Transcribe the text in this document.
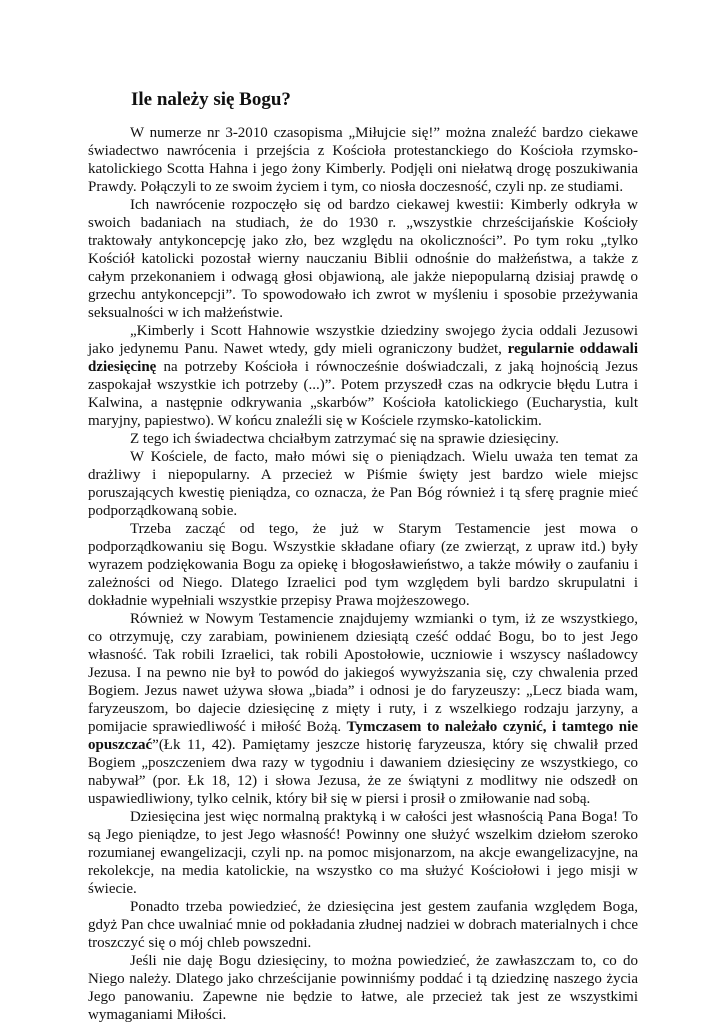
Ile należy się Bogu?

W numerze nr 3-2010 czasopisma „Miłujcie się!” można znaleźć bardzo ciekawe świadectwo nawrócenia i przejścia z Kościoła protestanckiego do Kościoła rzymsko-katolickiego Scotta Hahna i jego żony Kimberly. Podjęli oni niełatwą drogę poszukiwania Prawdy. Połączyli to ze swoim życiem i tym, co niosła doczesność, czyli np. ze studiami.

Ich nawrócenie rozpoczęło się od bardzo ciekawej kwestii: Kimberly odkryła w swoich badaniach na studiach, że do 1930 r. „wszystkie chrześcijańskie Kościoły traktowały antykoncepcję jako zło, bez względu na okoliczności”. Po tym roku „tylko Kościół katolicki pozostał wierny nauczaniu Biblii odnośnie do małżeństwa, a także z całym przekonaniem i odwagą głosi objawioną, ale jakże niepopularną dzisiaj prawdę o grzechu antykoncepcji”. To spowodowało ich zwrot w myśleniu i sposobie przeżywania seksualności w ich małżeństwie.

„Kimberly i Scott Hahnowie wszystkie dziedziny swojego życia oddali Jezusowi jako jedynemu Panu. Nawet wtedy, gdy mieli ograniczony budżet, regularnie oddawali dziesięcinę na potrzeby Kościoła i równocześnie doświadczali, z jaką hojnością Jezus zaspokajał wszystkie ich potrzeby (...)”. Potem przyszedł czas na odkrycie błędu Lutra i Kalwina, a następnie odkrywania „skarbów” Kościoła katolickiego (Eucharystia, kult maryjny, papiestwo). W końcu znaleźli się w Kościele rzymsko-katolickim.

Z tego ich świadectwa chciałbym zatrzymać się na sprawie dziesięciny.

W Kościele, de facto, mało mówi się o pieniądzach. Wielu uważa ten temat za drażliwy i niepopularny. A przecież w Piśmie święty jest bardzo wiele miejsc poruszających kwestię pieniądza, co oznacza, że Pan Bóg również i tą sferę pragnie mieć podporządkowaną sobie.

Trzeba zacząć od tego, że już w Starym Testamencie jest mowa o podporządkowaniu się Bogu. Wszystkie składane ofiary (ze zwierząt, z upraw itd.) były wyrazem podziękowania Bogu za opiekę i błogosławieństwo, a także mówiły o zaufaniu i zależności od Niego. Dlatego Izraelici pod tym względem byli bardzo skrupulatni i dokładnie wypełniali wszystkie przepisy Prawa mojżeszowego.

Również w Nowym Testamencie znajdujemy wzmianki o tym, iż ze wszystkiego, co otrzymuję, czy zarabiam, powinienem dziesiątą cześć oddać Bogu, bo to jest Jego własność. Tak robili Izraelici, tak robili Apostołowie, uczniowie i wszyscy naśladowcy Jezusa. I na pewno nie był to powód do jakiegoś wywyższania się, czy chwalenia przed Bogiem. Jezus nawet używa słowa „biada” i odnosi je do faryzeuszy: „Lecz biada wam, faryzeuszom, bo dajecie dziesięcinę z mięty i ruty, i z wszelkiego rodzaju jarzyny, a pomijacie sprawiedliwość i miłość Bożą. Tymczasem to należało czynić, i tamtego nie opuszczać”(Łk 11, 42). Pamiętamy jeszcze historię faryzeusza, który się chwalił przed Bogiem „poszczeniem dwa razy w tygodniu i dawaniem dziesięciny ze wszystkiego, co nabywał” (por. Łk 18, 12) i słowa Jezusa, że ze świątyni z modlitwy nie odszedł on uspawiedliwiony, tylko celnik, który bił się w piersi i prosił o zmiłowanie nad sobą.

Dziesięcina jest więc normalną praktyką i w całości jest własnością Pana Boga! To są Jego pieniądze, to jest Jego własność! Powinny one służyć wszelkim dziełom szeroko rozumianej ewangelizacji, czyli np. na pomoc misjonarzom, na akcje ewangelizacyjne, na rekolekcje, na media katolickie, na wszystko co ma służyć Kościołowi i jego misji w świecie.

Ponadto trzeba powiedzieć, że dziesięcina jest gestem zaufania względem Boga, gdyż Pan chce uwalniać mnie od pokładania złudnej nadziei w dobrach materialnych i chce troszczyć się o mój chleb powszedni.

Jeśli nie daję Bogu dziesięciny, to można powiedzieć, że zawłaszczam to, co do Niego należy. Dlatego jako chrześcijanie powinniśmy poddać i tą dziedzinę naszego życia Jego panowaniu. Zapewne nie będzie to łatwe, ale przecież tak jest ze wszystkimi wymaganiami Miłości.
